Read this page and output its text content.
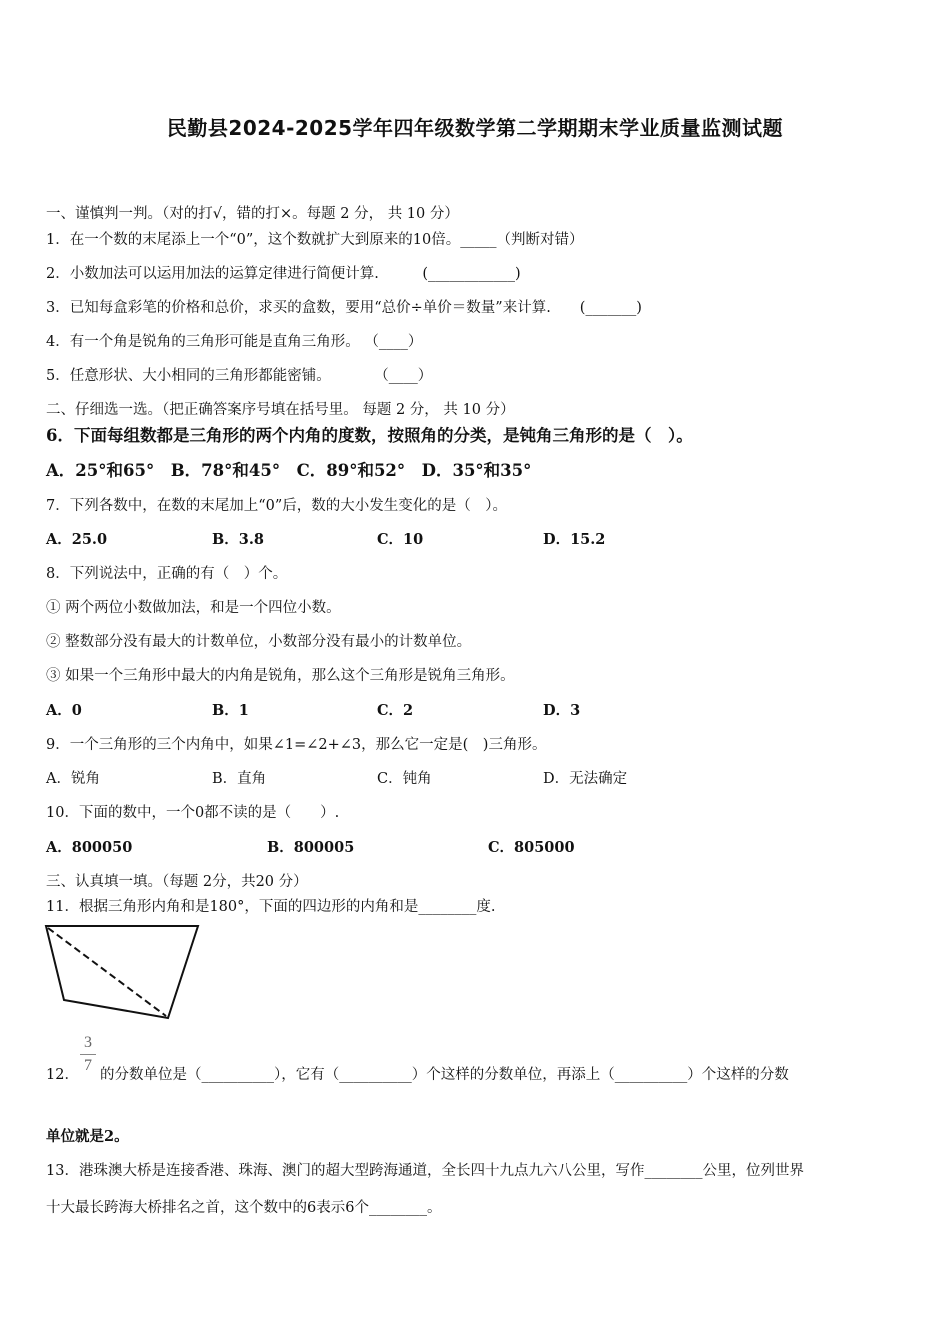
民勤县2024-2025学年四年级数学第二学期期末学业质量监测试题
一、谨慎判一判。（对的打√，错的打×。每题 2 分， 共 10 分）
1．在一个数的末尾添上一个“0”，这个数就扩大到原来的10倍。_____（判断对错）
2．小数加法可以运用加法的运算定律进行简便计算.　　　(____________)
3．已知每盒彩笔的价格和总价，求买的盒数，要用“总价÷单价＝数量”来计算.　　(_______)
4．有一个角是锐角的三角形可能是直角三角形。 （____）
5．任意形状、大小相同的三角形都能密铺。　　　　（____）
二、仔细选一选。（把正确答案序号填在括号里。 每题 2 分， 共 10 分）
6．下面每组数都是三角形的两个内角的度数，按照角的分类，是钝角三角形的是（　）。
A．25°和65°　B．78°和45°　C．89°和52°　D．35°和35°
7．下列各数中，在数的末尾加上“0”后，数的大小发生变化的是（　）。
A．25.0	B．3.8	C．10	D．15.2
8．下列说法中，正确的有（　）个。
① 两个两位小数做加法，和是一个四位小数。
② 整数部分没有最大的计数单位，小数部分没有最小的计数单位。
③ 如果一个三角形中最大的内角是锐角，那么这个三角形是锐角三角形。
A．0	B．1	C．2	D．3
9．一个三角形的三个内角中，如果∠1=∠2+∠3，那么它一定是(　)三角形。
A．锐角	B．直角	C．钝角	D．无法确定
10．下面的数中，一个0都不读的是（　　）.
A．800050	B．800005	C．805000
三、认真填一填。（每题 2分，共20 分）
11．根据三角形内角和是180°，下面的四边形的内角和是________度.
3
7
12． 的分数单位是（__________），它有（__________）个这样的分数单位，再添上（__________）个这样的分数
单位就是2。
13．港珠澳大桥是连接香港、珠海、澳门的超大型跨海通道，全长四十九点九六八公里，写作________公里，位列世界
十大最长跨海大桥排名之首，这个数中的6表示6个________。
